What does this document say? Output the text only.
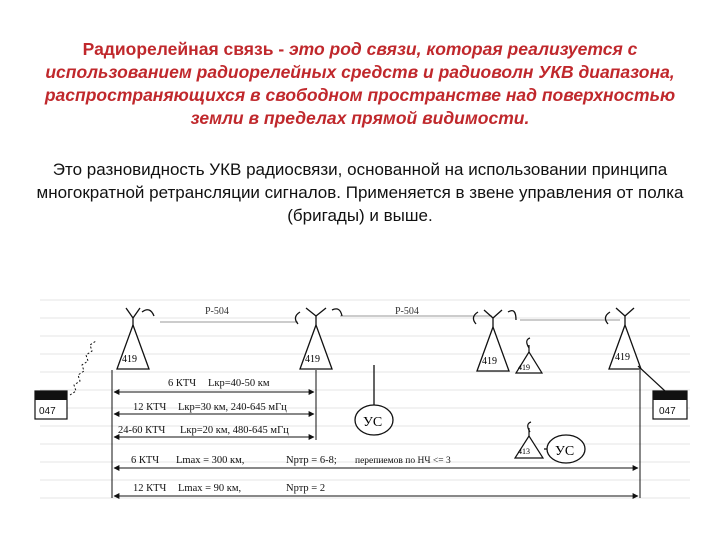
Радиорелейная связь - это род связи, которая реализуется с использованием радиорелейных средств и радиоволн УКВ диапазона, распространяющихся в свободном пространстве над поверхностью земли в пределах прямой видимости.

Это разновидность УКВ радиосвязи, основанной на использовании принципа многократной ретрансляции сигналов. Применяется в звене управления от полка (бригады) и выше.

Р-504	Р-504
419	419	419	419
419
413
УС
УС
047	047
6 КТЧ Lкр=40-50 км
12 КТЧ Lкр=30 км, 240-645 мГц
24-60 КТЧ Lкр=20 км, 480-645 мГц
6 КТЧ Lmax = 300 км,	Nртр = 6-8; перепиемов по НЧ <= 3
12 КТЧ Lmax = 90 км,	Nртр = 2
